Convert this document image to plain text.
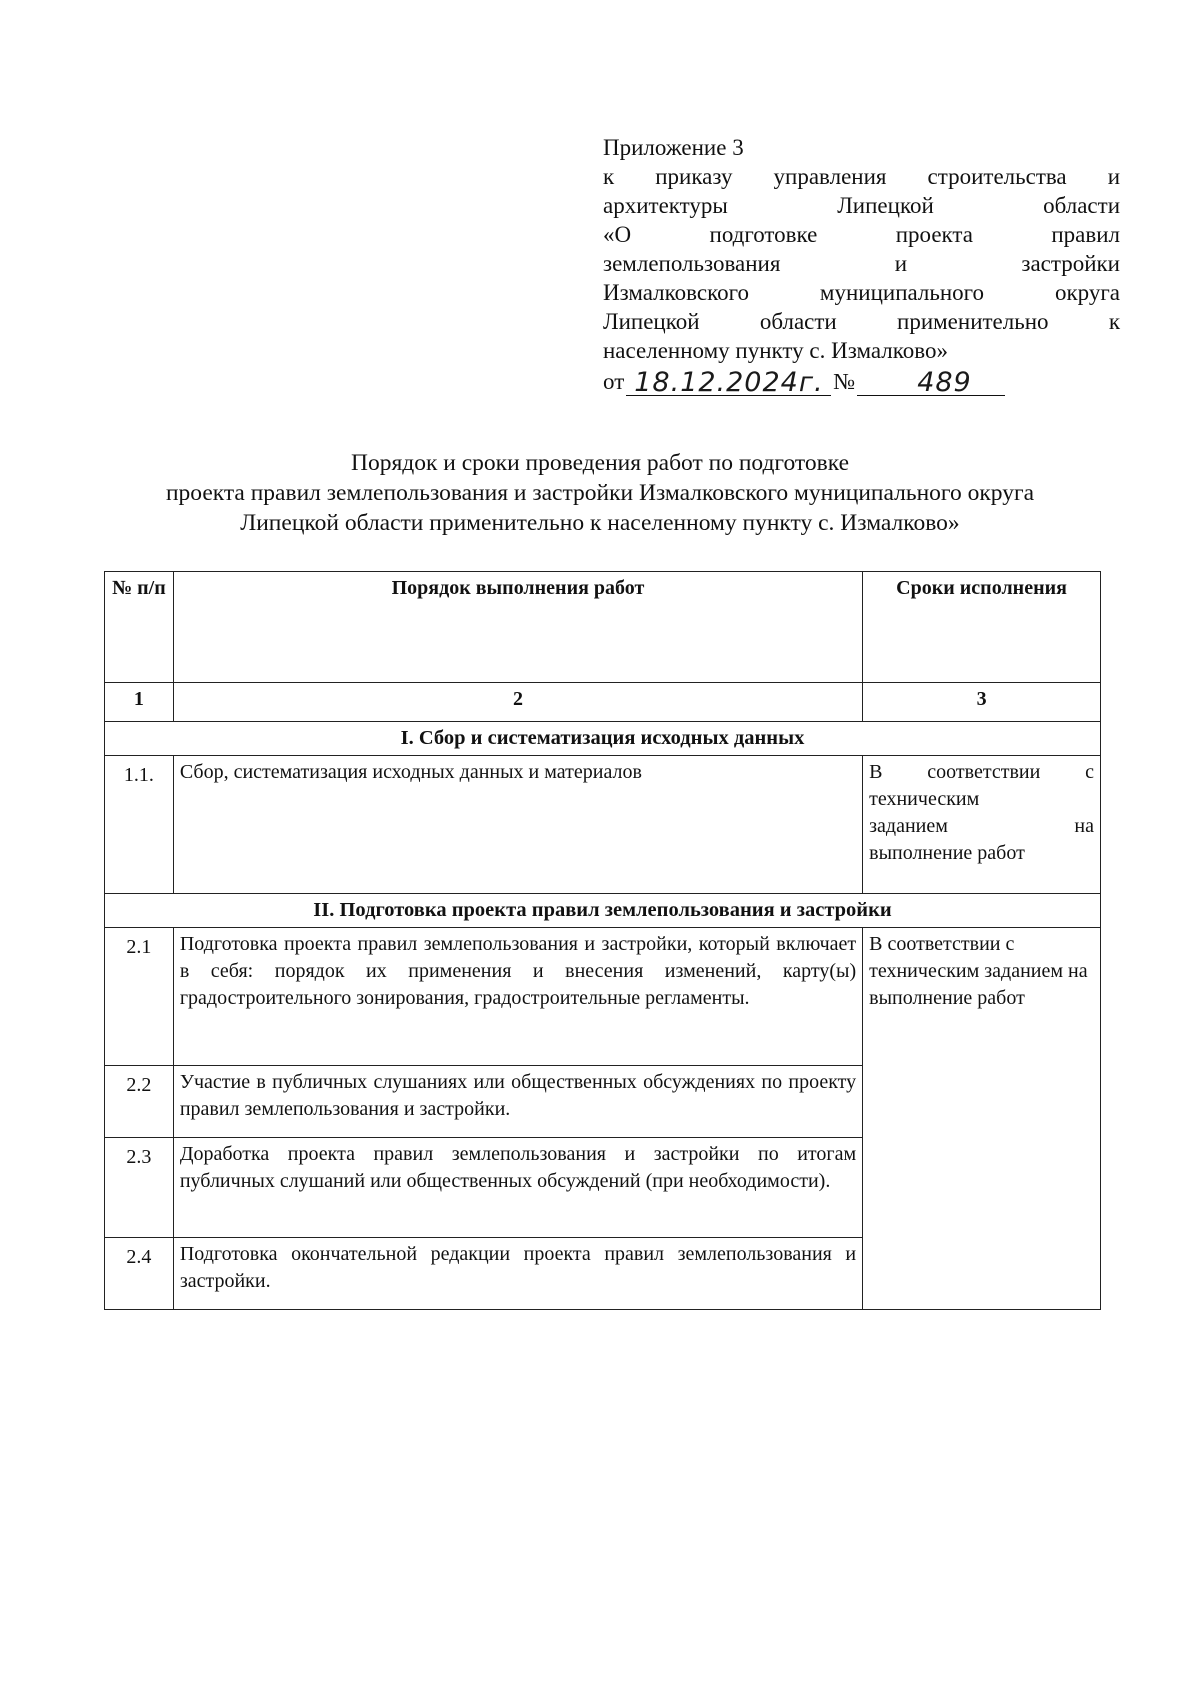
Приложение 3
к приказу управления строительства и
архитектуры Липецкой области
«О подготовке проекта правил
землепользования и застройки
Измалковского муниципального округа
Липецкой области применительно к
населенному пункту с. Измалково»
от 18.12.2024г. № 489
Порядок и сроки проведения работ по подготовке
проекта правил землепользования и застройки Измалковского муниципального округа
Липецкой области применительно к населенному пункту с. Измалково»
№ п/п	Порядок выполнения работ	Сроки исполнения
1	2	3
I. Сбор и систематизация исходных данных		
1.1.	Сбор, систематизация исходных данных и материалов	В соответствии с
техническим
заданием на
выполнение работ

II. Подготовка проекта правил землепользования и застройки		
2.1	Подготовка проекта правил землепользования и застройки, который включает в себя: порядок их применения и внесения изменений, карту(ы) градостроительного зонирования, градостроительные регламенты.	В соответствии с техническим заданием на выполнение работ
2.2	Участие в публичных слушаниях или общественных обсуждениях по проекту правил землепользования и застройки.	
2.3	Доработка проекта правил землепользования и застройки по итогам публичных слушаний или общественных обсуждений (при необходимости).	
2.4	Подготовка окончательной редакции проекта правил землепользования и застройки.	
